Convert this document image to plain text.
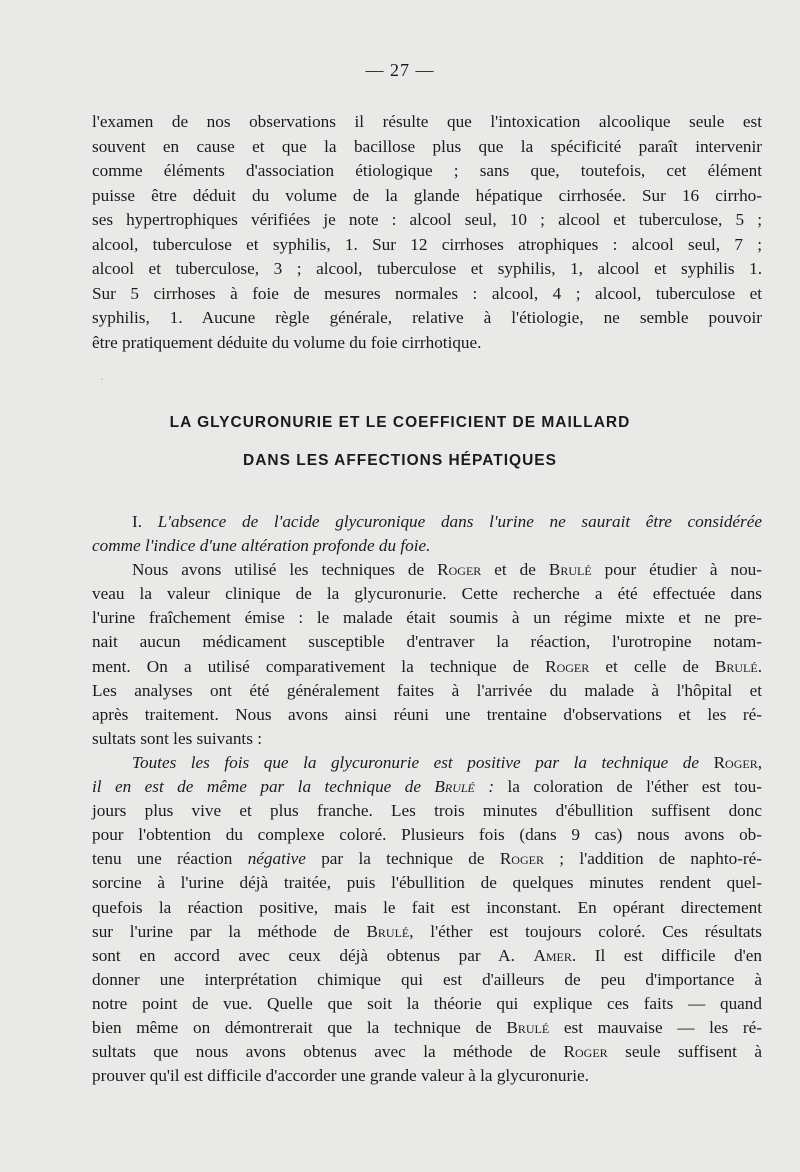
— 27 —
l'examen de nos observations il résulte que l'intoxication alcoolique seule est
souvent en cause et que la bacillose plus que la spécificité paraît intervenir
comme éléments d'association étiologique ; sans que, toutefois, cet élément
puisse être déduit du volume de la glande hépatique cirrhosée. Sur 16 cirrho-
ses hypertrophiques vérifiées je note : alcool seul, 10 ; alcool et tuberculose, 5 ;
alcool, tuberculose et syphilis, 1. Sur 12 cirrhoses atrophiques : alcool seul, 7 ;
alcool et tuberculose, 3 ; alcool, tuberculose et syphilis, 1, alcool et syphilis 1.
Sur 5 cirrhoses à foie de mesures normales : alcool, 4 ; alcool, tuberculose et
syphilis, 1. Aucune règle générale, relative à l'étiologie, ne semble pouvoir
être pratiquement déduite du volume du foie cirrhotique.
·
LA GLYCURONURIE ET LE COEFFICIENT DE MAILLARD
DANS LES AFFECTIONS HÉPATIQUES
I. L'absence de l'acide glycuronique dans l'urine ne saurait être considérée
comme l'indice d'une altération profonde du foie.
Nous avons utilisé les techniques de Roger et de Brulé pour étudier à nou-
veau la valeur clinique de la glycuronurie. Cette recherche a été effectuée dans
l'urine fraîchement émise : le malade était soumis à un régime mixte et ne pre-
nait aucun médicament susceptible d'entraver la réaction, l'urotropine notam-
ment. On a utilisé comparativement la technique de Roger et celle de Brulé.
Les analyses ont été généralement faites à l'arrivée du malade à l'hôpital et
après traitement. Nous avons ainsi réuni une trentaine d'observations et les ré-
sultats sont les suivants :
Toutes les fois que la glycuronurie est positive par la technique de Roger,
il en est de même par la technique de Brulé : la coloration de l'éther est tou-
jours plus vive et plus franche. Les trois minutes d'ébullition suffisent donc
pour l'obtention du complexe coloré. Plusieurs fois (dans 9 cas) nous avons ob-
tenu une réaction négative par la technique de Roger ; l'addition de naphto-ré-
sorcine à l'urine déjà traitée, puis l'ébullition de quelques minutes rendent quel-
quefois la réaction positive, mais le fait est inconstant. En opérant directement
sur l'urine par la méthode de Brulé, l'éther est toujours coloré. Ces résultats
sont en accord avec ceux déjà obtenus par A. Amer. Il est difficile d'en
donner une interprétation chimique qui est d'ailleurs de peu d'importance à
notre point de vue. Quelle que soit la théorie qui explique ces faits — quand
bien même on démontrerait que la technique de Brulé est mauvaise — les ré-
sultats que nous avons obtenus avec la méthode de Roger seule suffisent à
prouver qu'il est difficile d'accorder une grande valeur à la glycuronurie.
